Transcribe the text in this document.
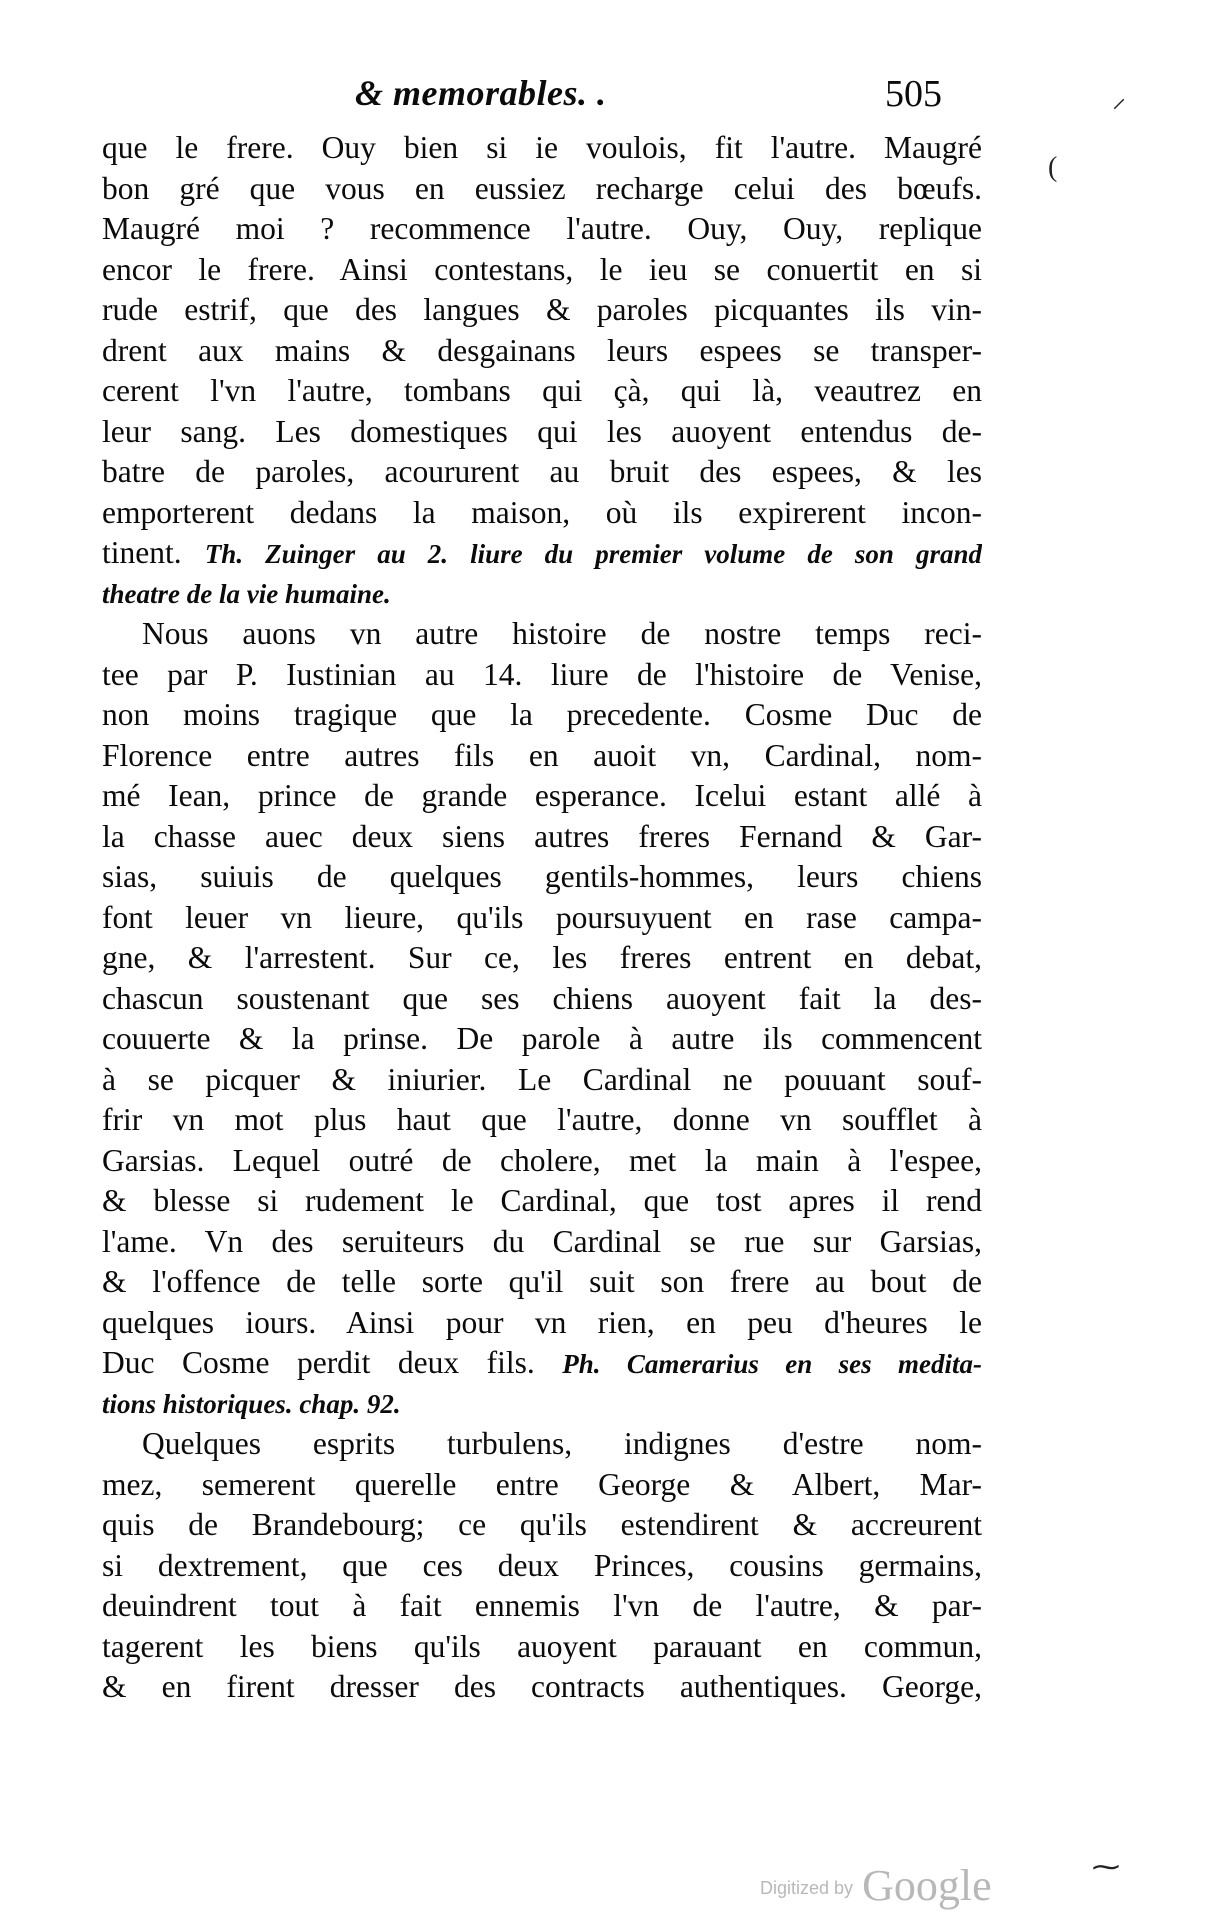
& memorables. .	505
que le frere. Ouy bien si ie voulois, fit l'autre. Maugré
bon gré que vous en eussiez recharge celui des bœufs.
Maugré moi ? recommence l'autre. Ouy, Ouy, replique
encor le frere. Ainsi contestans, le ieu se conuertit en si
rude estrif, que des langues & paroles picquantes ils vin-
drent aux mains & desgainans leurs espees se transper-
cerent l'vn l'autre, tombans qui çà, qui là, veautrez en
leur sang. Les domestiques qui les auoyent entendus de-
batre de paroles, acoururent au bruit des espees, & les
emporterent dedans la maison, où ils expirerent incon-
tinent. Th. Zuinger au 2. liure du premier volume de son grand
theatre de la vie humaine.
Nous auons vn autre histoire de nostre temps reci-
tee par P. Iustinian au 14. liure de l'histoire de Venise,
non moins tragique que la precedente. Cosme Duc de
Florence entre autres fils en auoit vn, Cardinal, nom-
mé Iean, prince de grande esperance. Icelui estant allé à
la chasse auec deux siens autres freres Fernand & Gar-
sias, suiuis de quelques gentils-hommes, leurs chiens
font leuer vn lieure, qu'ils poursuyuent en rase campa-
gne, & l'arrestent. Sur ce, les freres entrent en debat,
chascun soustenant que ses chiens auoyent fait la des-
couuerte & la prinse. De parole à autre ils commencent
à se picquer & iniurier. Le Cardinal ne pouuant souf-
frir vn mot plus haut que l'autre, donne vn soufflet à
Garsias. Lequel outré de cholere, met la main à l'espee,
& blesse si rudement le Cardinal, que tost apres il rend
l'ame. Vn des seruiteurs du Cardinal se rue sur Garsias,
& l'offence de telle sorte qu'il suit son frere au bout de
quelques iours. Ainsi pour vn rien, en peu d'heures le
Duc Cosme perdit deux fils. Ph. Camerarius en ses medita-
tions historiques. chap. 92.
Quelques esprits turbulens, indignes d'estre nom-
mez, semerent querelle entre George & Albert, Mar-
quis de Brandebourg; ce qu'ils estendirent & accreurent
si dextrement, que ces deux Princes, cousins germains,
deuindrent tout à fait ennemis l'vn de l'autre, & par-
tagerent les biens qu'ils auoyent parauant en commun,
& en firent dresser des contracts authentiques. George,
⸝
(
⁓
Digitized by Google
